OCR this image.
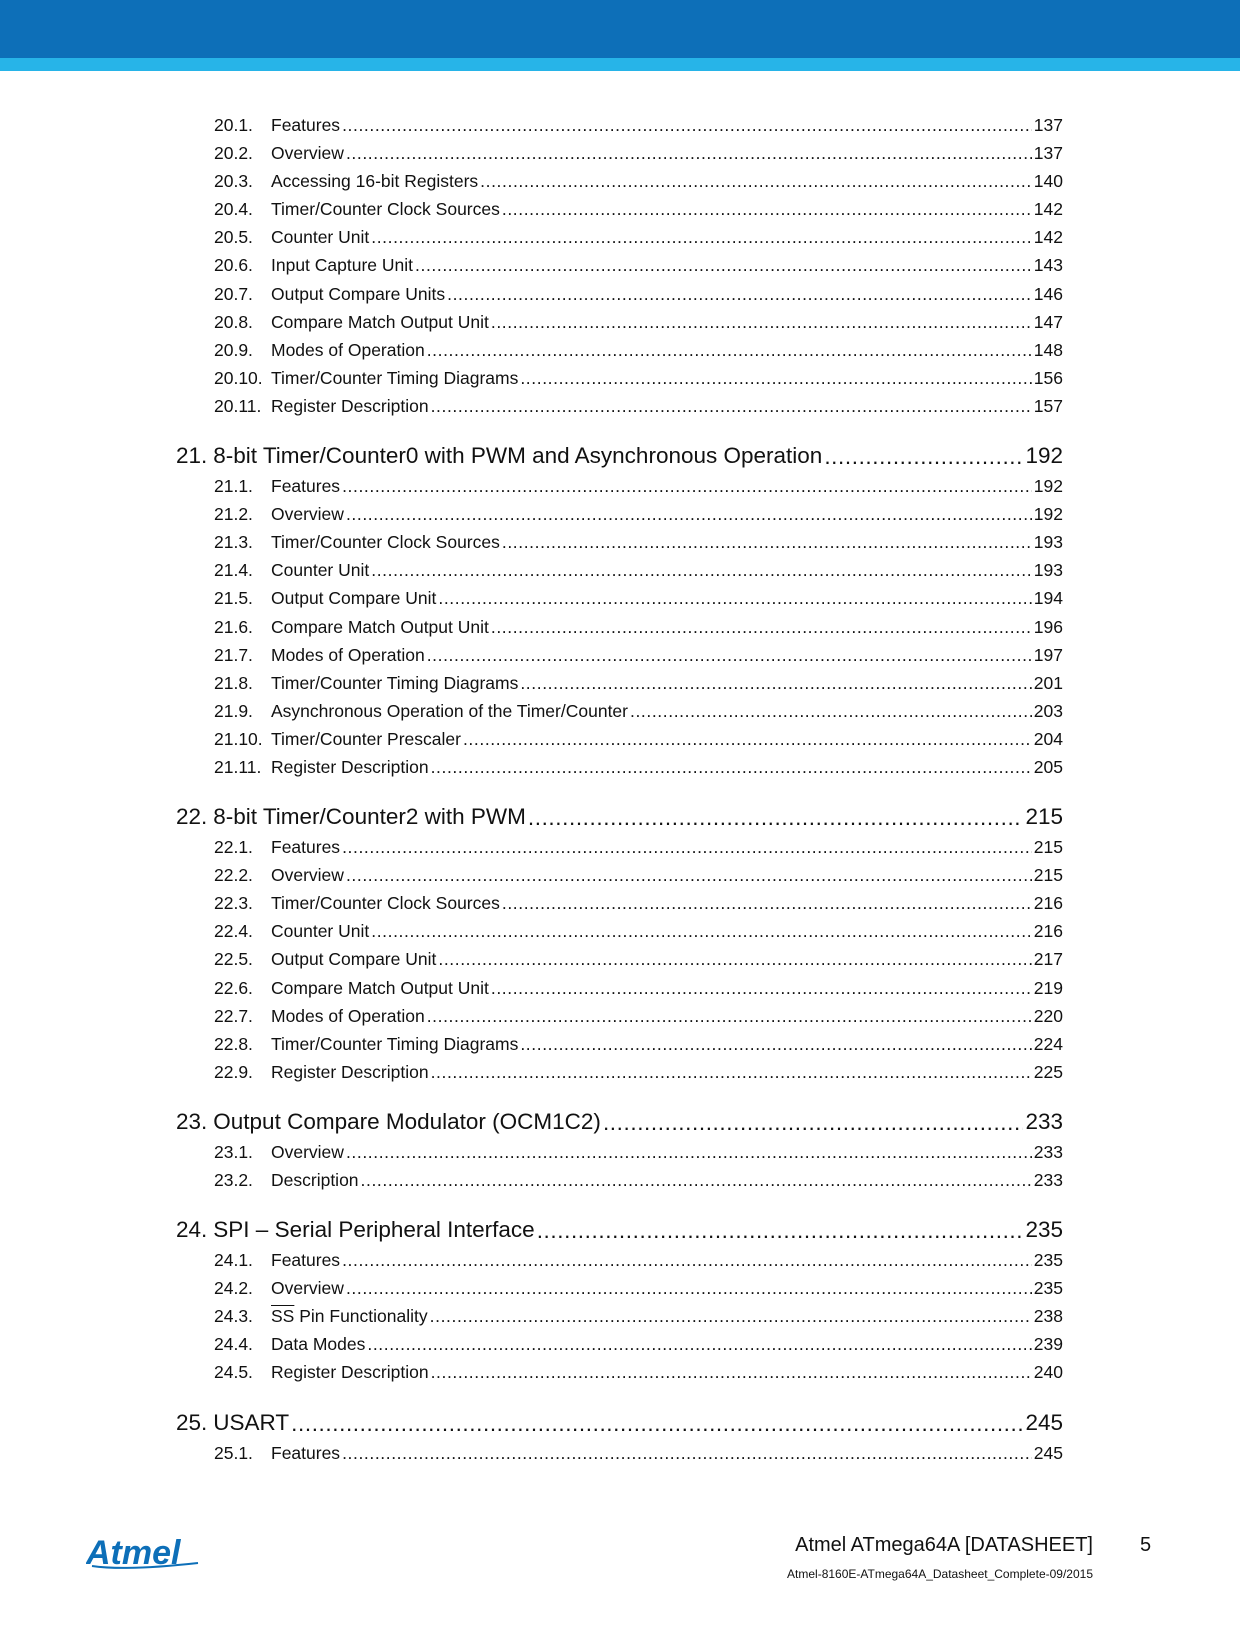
20.1.	Features .....	137
20.2.	Overview .....	137
20.3.	Accessing 16-bit Registers .....	140
20.4.	Timer/Counter Clock Sources .....	142
20.5.	Counter Unit .....	142
20.6.	Input Capture Unit .....	143
20.7.	Output Compare Units .....	146
20.8.	Compare Match Output Unit .....	147
20.9.	Modes of Operation .....	148
20.10. Timer/Counter Timing Diagrams .....	156
20.11. Register Description .....	157
21. 8-bit Timer/Counter0 with PWM and Asynchronous Operation .....	192
21.1.	Features .....	192
21.2.	Overview .....	192
21.3.	Timer/Counter Clock Sources .....	193
21.4.	Counter Unit .....	193
21.5.	Output Compare Unit .....	194
21.6.	Compare Match Output Unit .....	196
21.7.	Modes of Operation .....	197
21.8.	Timer/Counter Timing Diagrams .....	201
21.9.	Asynchronous Operation of the Timer/Counter .....	203
21.10. Timer/Counter Prescaler .....	204
21.11. Register Description .....	205
22. 8-bit Timer/Counter2 with PWM .....	215
22.1.	Features .....	215
22.2.	Overview .....	215
22.3.	Timer/Counter Clock Sources .....	216
22.4.	Counter Unit .....	216
22.5.	Output Compare Unit .....	217
22.6.	Compare Match Output Unit .....	219
22.7.	Modes of Operation .....	220
22.8.	Timer/Counter Timing Diagrams .....	224
22.9.	Register Description .....	225
23. Output Compare Modulator (OCM1C2) .....	233
23.1.	Overview .....	233
23.2.	Description .....	233
24. SPI – Serial Peripheral Interface .....	235
24.1.	Features .....	235
24.2.	Overview .....	235
24.3.	$\overline{SS}$ Pin Functionality .....	238
24.4.	Data Modes .....	239
24.5.	Register Description .....	240
25. USART .....	245
25.1.	Features .....	245
Atmel	Atmel ATmega64A [DATASHEET] 5
Atmel-8160E-ATmega64A_Datasheet_Complete-09/2015
